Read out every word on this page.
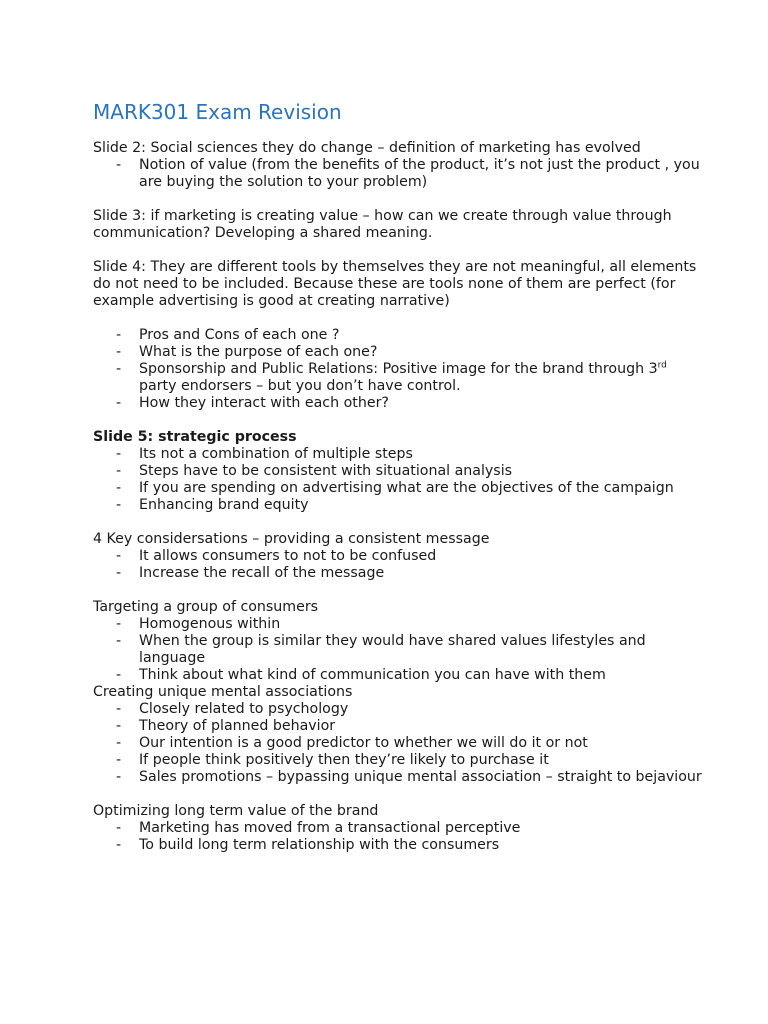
MARK301 Exam Revision

Slide 2: Social sciences they do change – definition of marketing has evolved

- Notion of value (from the benefits of the product, it’s not just the product , you are buying the solution to your problem)

Slide 3: if marketing is creating value – how can we create through value through communication? Developing a shared meaning.

Slide 4: They are different tools by themselves they are not meaningful, all elements do not need to be included. Because these are tools none of them are perfect (for example advertising is good at creating narrative)

- Pros and Cons of each one ?
- What is the purpose of each one?
- Sponsorship and Public Relations: Positive image for the brand through 3rd party endorsers – but you don’t have control.
- How they interact with each other?

Slide 5: strategic process

- Its not a combination of multiple steps
- Steps have to be consistent with situational analysis
- If you are spending on advertising what are the objectives of the campaign
- Enhancing brand equity

4 Key considersations – providing a consistent message

- It allows consumers to not to be confused
- Increase the recall of the message

Targeting a group of consumers

- Homogenous within
- When the group is similar they would have shared values lifestyles and language
- Think about what kind of communication you can have with them

Creating unique mental associations

- Closely related to psychology
- Theory of planned behavior
- Our intention is a good predictor to whether we will do it or not
- If people think positively then they’re likely to purchase it
- Sales promotions – bypassing unique mental association – straight to bejaviour

Optimizing long term value of the brand

- Marketing has moved from a transactional perceptive
- To build long term relationship with the consumers
